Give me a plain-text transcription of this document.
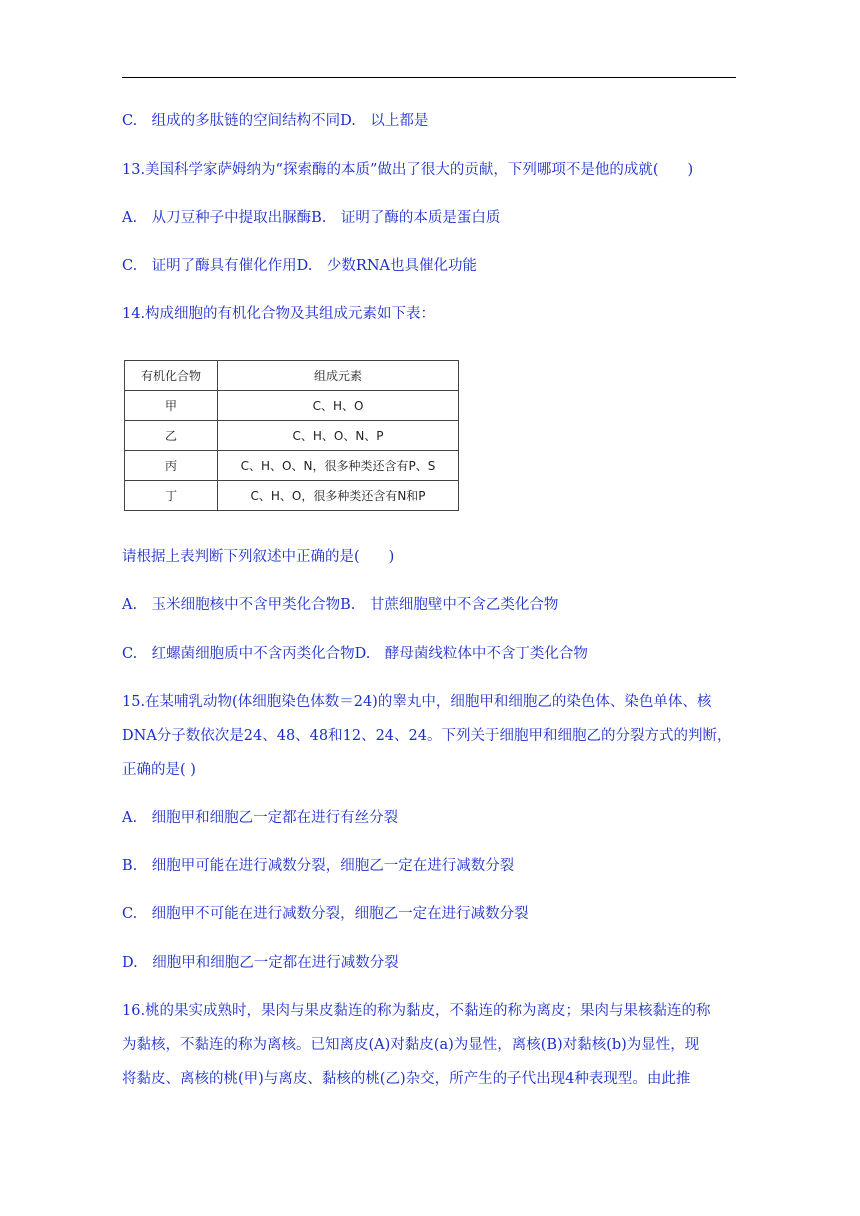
C.　组成的多肽链的空间结构不同D.　以上都是
13.美国科学家萨姆纳为“探索酶的本质”做出了很大的贡献，下列哪项不是他的成就(　　)
A.　从刀豆种子中提取出脲酶B.　证明了酶的本质是蛋白质
C.　证明了酶具有催化作用D.　少数RNA也具催化功能
14.构成细胞的有机化合物及其组成元素如下表：
有机化合物	组成元素
甲	C、H、O
乙	C、H、O、N、P
丙	C、H、O、N，很多种类还含有P、S
丁	C、H、O，很多种类还含有N和P
请根据上表判断下列叙述中正确的是(　　)
A.　玉米细胞核中不含甲类化合物B.　甘蔗细胞壁中不含乙类化合物
C.　红螺菌细胞质中不含丙类化合物D.　酵母菌线粒体中不含丁类化合物
15.在某哺乳动物(体细胞染色体数＝24)的睾丸中，细胞甲和细胞乙的染色体、染色单体、核
DNA分子数依次是24、48、48和12、24、24。下列关于细胞甲和细胞乙的分裂方式的判断，
正确的是( )
A.　细胞甲和细胞乙一定都在进行有丝分裂
B.　细胞甲可能在进行减数分裂，细胞乙一定在进行减数分裂
C.　细胞甲不可能在进行减数分裂，细胞乙一定在进行减数分裂
D.　细胞甲和细胞乙一定都在进行减数分裂
16.桃的果实成熟时，果肉与果皮黏连的称为黏皮，不黏连的称为离皮；果肉与果核黏连的称
为黏核，不黏连的称为离核。已知离皮(A)对黏皮(a)为显性，离核(B)对黏核(b)为显性，现
将黏皮、离核的桃(甲)与离皮、黏核的桃(乙)杂交，所产生的子代出现4种表现型。由此推
